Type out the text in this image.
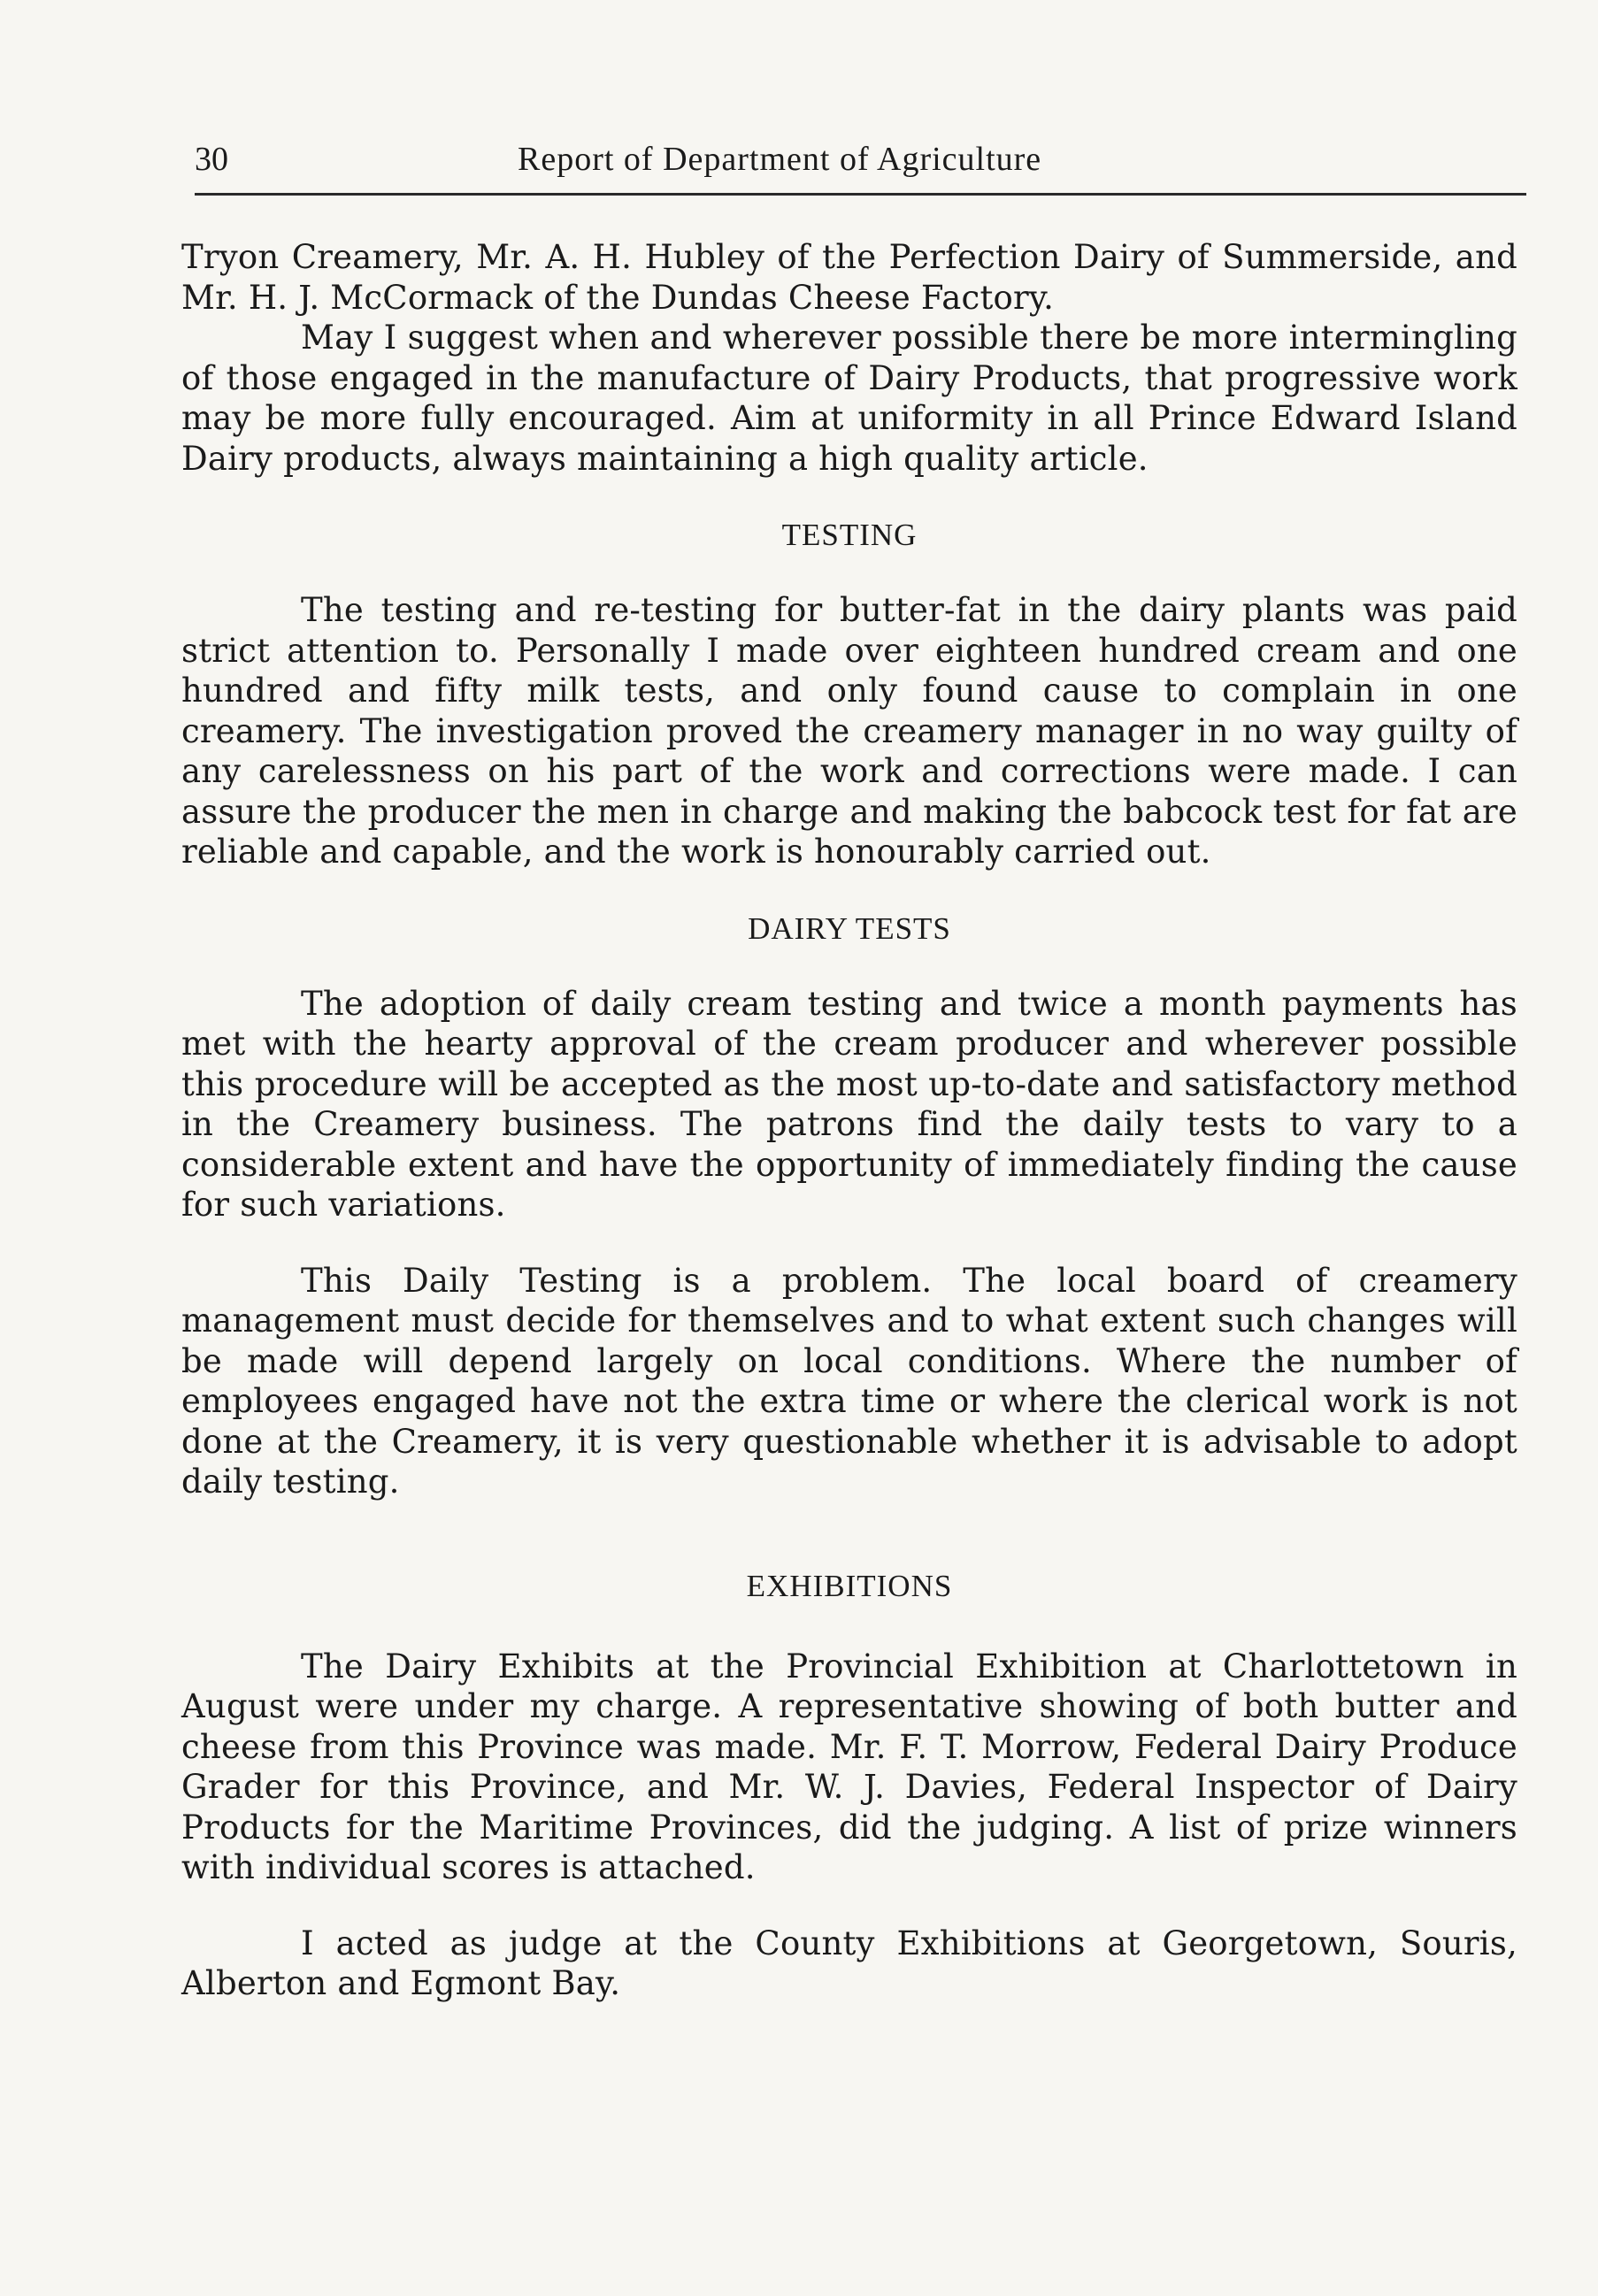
30	Report of Department of Agriculture

Tryon Creamery, Mr. A. H. Hubley of the Perfection Dairy of Summerside, and Mr. H. J. McCormack of the Dundas Cheese Factory.

May I suggest when and wherever possible there be more intermingling of those engaged in the manufacture of Dairy Products, that progressive work may be more fully encouraged. Aim at uniformity in all Prince Edward Island Dairy products, always maintaining a high quality article.

TESTING

The testing and re-testing for butter-fat in the dairy plants was paid strict attention to. Personally I made over eighteen hundred cream and one hundred and fifty milk tests, and only found cause to complain in one creamery. The investigation proved the creamery manager in no way guilty of any carelessness on his part of the work and corrections were made. I can assure the producer the men in charge and making the babcock test for fat are reliable and capable, and the work is honourably carried out.

DAIRY TESTS

The adoption of daily cream testing and twice a month payments has met with the hearty approval of the cream producer and wherever possible this procedure will be accepted as the most up-to-date and satisfactory method in the Creamery business. The patrons find the daily tests to vary to a considerable extent and have the opportunity of immediately finding the cause for such variations.

This Daily Testing is a problem. The local board of creamery management must decide for themselves and to what extent such changes will be made will depend largely on local conditions. Where the number of employees engaged have not the extra time or where the clerical work is not done at the Creamery, it is very questionable whether it is advisable to adopt daily testing.

EXHIBITIONS

The Dairy Exhibits at the Provincial Exhibition at Charlottetown in August were under my charge. A representative showing of both butter and cheese from this Province was made. Mr. F. T. Morrow, Federal Dairy Produce Grader for this Province, and Mr. W. J. Davies, Federal Inspector of Dairy Products for the Maritime Provinces, did the judging. A list of prize winners with individual scores is attached.

I acted as judge at the County Exhibitions at Georgetown, Souris, Alberton and Egmont Bay.
